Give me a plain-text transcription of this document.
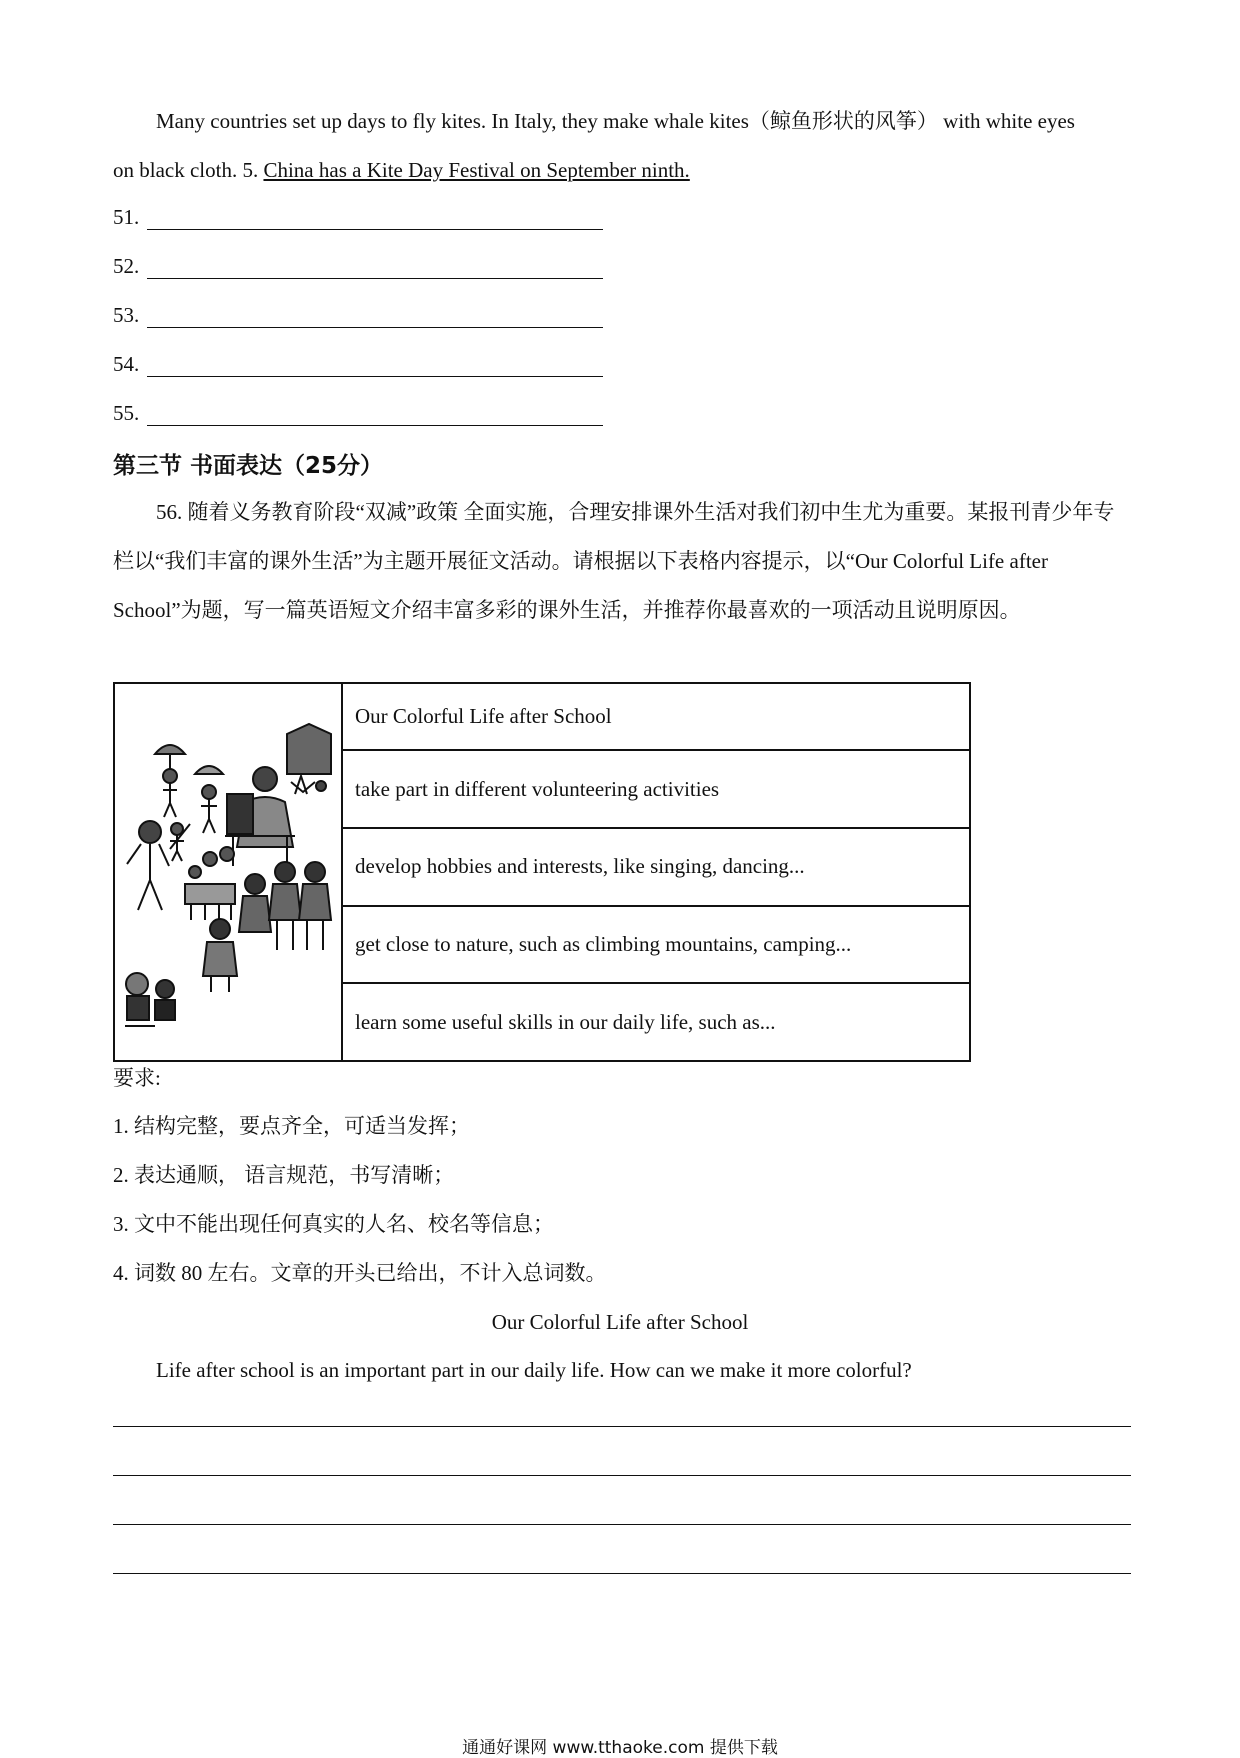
Many countries set up days to fly kites. In Italy, they make whale kites（鲸鱼形状的风筝） with white eyes
on black cloth. 5. China has a Kite Day Festival on September ninth.

51.
52.
53.
54.
55.
第三节 书面表达（25分）

56. 随着义务教育阶段“双减”政策 全面实施，合理安排课外生活对我们初中生尤为重要。某报刊青少年专栏以“我们丰富的课外生活”为主题开展征文活动。请根据以下表格内容提示，以“Our Colorful Life after School”为题，写一篇英语短文介绍丰富多彩的课外生活，并推荐你最喜欢的一项活动且说明原因。

	Our Colorful Life after School
take part in different volunteering activities
develop hobbies and interests, like singing, dancing...
get close to nature, such as climbing mountains, camping...
learn some useful skills in our daily life, such as...
要求:
1. 结构完整，要点齐全，可适当发挥；
2. 表达通顺， 语言规范，书写清晰；
3. 文中不能出现任何真实的人名、校名等信息；
4. 词数 80 左右。文章的开头已给出，不计入总词数。
Our Colorful Life after School
Life after school is an important part in our daily life. How can we make it more colorful?
通通好课网 www.tthaoke.com 提供下载
